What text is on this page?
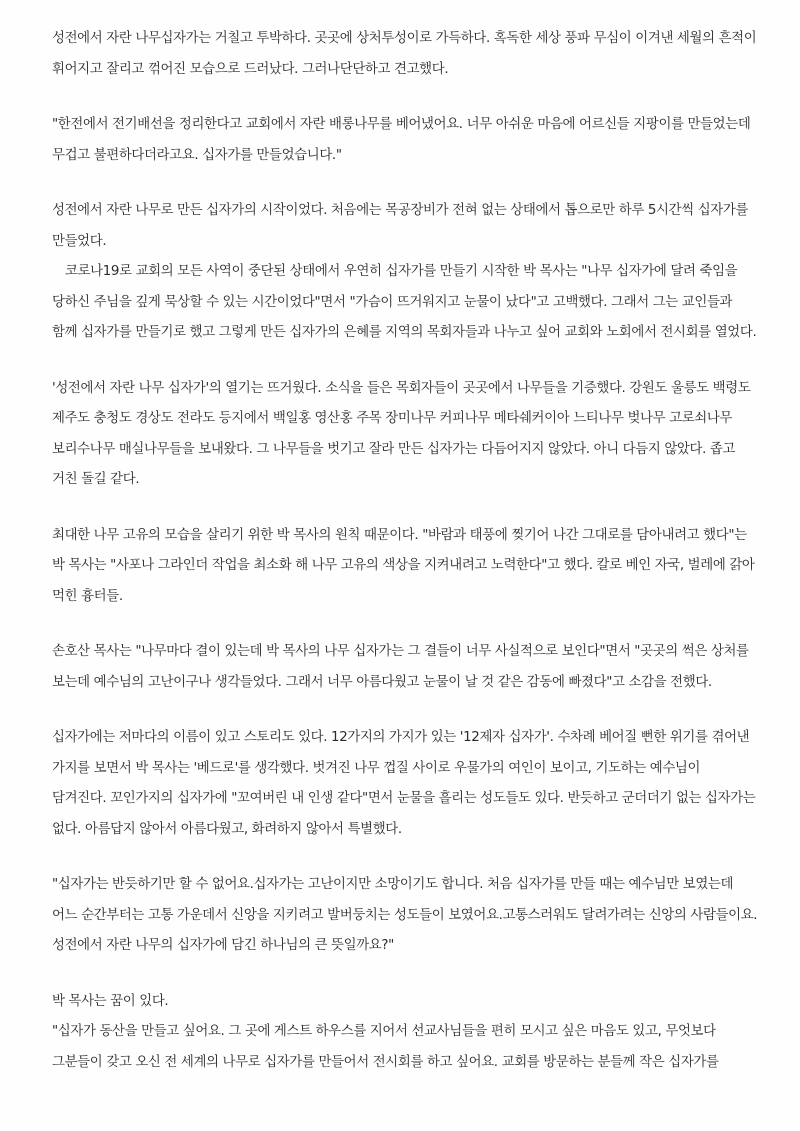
성전에서 자란 나무십자가는 거칠고 투박하다. 곳곳에 상처투성이로 가득하다. 혹독한 세상 풍파 무심이 이겨낸 세월의 흔적이 휘어지고 잘리고 꺾어진 모습으로 드러났다. 그러나단단하고 견고했다.

"한전에서 전기배선을 정리한다고 교회에서 자란 배롱나무를 베어냈어요. 너무 아쉬운 마음에 어르신들 지팡이를 만들었는데 무겁고 불편하다더라고요. 십자가를 만들었습니다."

성전에서 자란 나무로 만든 십자가의 시작이었다. 처음에는 목공장비가 전혀 없는 상태에서 톱으로만 하루 5시간씩 십자가를 만들었다.

코로나19로 교회의 모든 사역이 중단된 상태에서 우연히 십자가를 만들기 시작한 박 목사는 "나무 십자가에 달려 죽임을 당하신 주님을 깊게 묵상할 수 있는 시간이었다"면서 "가슴이 뜨거워지고 눈물이 났다"고 고백했다. 그래서 그는 교인들과 함께 십자가를 만들기로 했고 그렇게 만든 십자가의 은혜를 지역의 목회자들과 나누고 싶어 교회와 노회에서 전시회를 열었다.

'성전에서 자란 나무 십자가'의 열기는 뜨거웠다. 소식을 들은 목회자들이 곳곳에서 나무들을 기증했다. 강원도 울릉도 백령도 제주도 충청도 경상도 전라도 등지에서 백일홍 영산홍 주목 장미나무 커피나무 메타쉐커이아 느티나무 벚나무 고로쇠나무 보리수나무 매실나무들을 보내왔다. 그 나무들을 벗기고 잘라 만든 십자가는 다듬어지지 않았다. 아니 다듬지 않았다. 좁고 거친 돌길 같다.

최대한 나무 고유의 모습을 살리기 위한 박 목사의 원칙 때문이다. "바람과 태풍에 찢기어 나간 그대로를 담아내려고 했다"는 박 목사는 "사포나 그라인더 작업을 최소화 해 나무 고유의 색상을 지켜내려고 노력한다"고 했다. 칼로 베인 자국, 벌레에 갉아 먹힌 흉터들.

손호산 목사는 "나무마다 결이 있는데 박 목사의 나무 십자가는 그 결들이 너무 사실적으로 보인다"면서 "곳곳의 썩은 상처를 보는데 예수님의 고난이구나 생각들었다. 그래서 너무 아름다웠고 눈물이 날 것 같은 감동에 빠졌다"고 소감을 전했다.

십자가에는 저마다의 이름이 있고 스토리도 있다. 12가지의 가지가 있는 '12제자 십자가'. 수차례 베어질 뻔한 위기를 겪어낸 가지를 보면서 박 목사는 '베드로'를 생각했다. 벗겨진 나무 껍질 사이로 우물가의 여인이 보이고, 기도하는 예수님이 담겨진다. 꼬인가지의 십자가에 "꼬여버린 내 인생 같다"면서 눈물을 흘리는 성도들도 있다. 반듯하고 군더더기 없는 십자가는 없다. 아름답지 않아서 아름다웠고, 화려하지 않아서 특별했다.

"십자가는 반듯하기만 할 수 없어요.십자가는 고난이지만 소망이기도 합니다. 처음 십자가를 만들 때는 예수님만 보였는데 어느 순간부터는 고통 가운데서 신앙을 지키려고 발버둥치는 성도들이 보였어요.고통스러워도 달려가려는 신앙의 사람들이요. 성전에서 자란 나무의 십자가에 담긴 하나님의 큰 뜻일까요?"

박 목사는 꿈이 있다.

"십자가 동산을 만들고 싶어요. 그 곳에 게스트 하우스를 지어서 선교사님들을 편히 모시고 싶은 마음도 있고, 무엇보다 그분들이 갖고 오신 전 세계의 나무로 십자가를 만들어서 전시회를 하고 싶어요. 교회를 방문하는 분들께 작은 십자가를
